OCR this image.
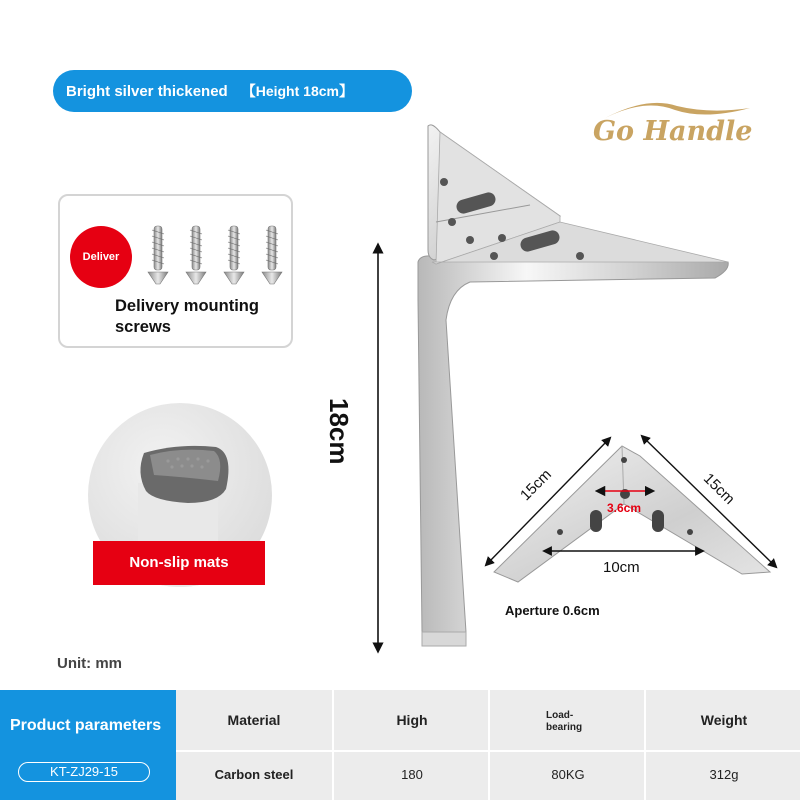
Bright silver thickened 【Height 18cm】
Go Handle
Deliver
Delivery mounting
screws
Non-slip mats
Unit: mm
18cm
15cm	15cm
3.6cm
10cm
Aperture 0.6cm
Product parameters
KT-ZJ29-15
Material
Carbon steel
High
180
Load-
bearing
80KG
Weight
312g
